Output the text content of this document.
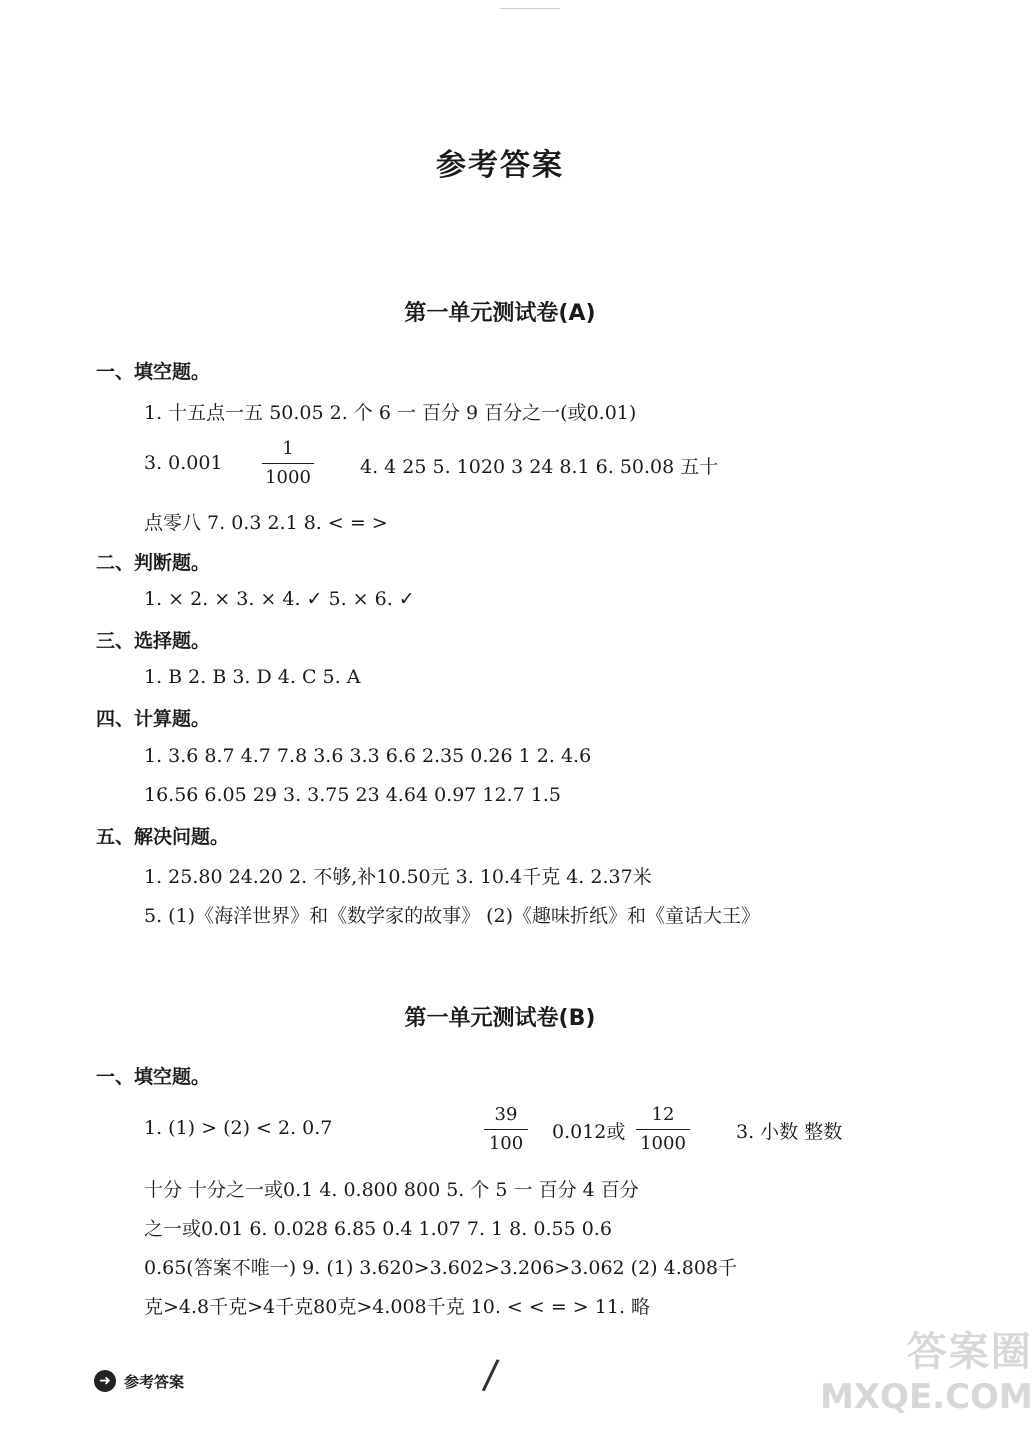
参考答案
第一单元测试卷(A)
一、填空题。
1. 十五点一五 50.05 2. 个 6 一 百分 9 百分之一(或0.01)
3. 0.001
1
1000	4. 4 25 5. 1020 3 24 8.1 6. 50.08 五十
点零八 7. 0.3 2.1 8. < = >
二、判断题。
1. × 2. × 3. × 4. ✓ 5. × 6. ✓
三、选择题。
1. B 2. B 3. D 4. C 5. A
四、计算题。
1. 3.6 8.7 4.7 7.8 3.6 3.3 6.6 2.35 0.26 1 2. 4.6
16.56 6.05 29 3. 3.75 23 4.64 0.97 12.7 1.5
五、解决问题。
1. 25.80 24.20 2. 不够,补10.50元 3. 10.4千克 4. 2.37米
5. (1)《海洋世界》和《数学家的故事》 (2)《趣味折纸》和《童话大王》
第一单元测试卷(B)
一、填空题。
1. (1) > (2) < 2. 0.7
39
100
0.012或
12
1000
3. 小数 整数
十分 十分之一或0.1 4. 0.800 800 5. 个 5 一 百分 4 百分
之一或0.01 6. 0.028 6.85 0.4 1.07 7. 1 8. 0.55 0.6
0.65(答案不唯一) 9. (1) 3.620>3.602>3.206>3.062 (2) 4.808千
克>4.8千克>4千克80克>4.008千克 10. < < = > 11. 略
➜ 参考答案	/	答案圈
MXQE.COM
